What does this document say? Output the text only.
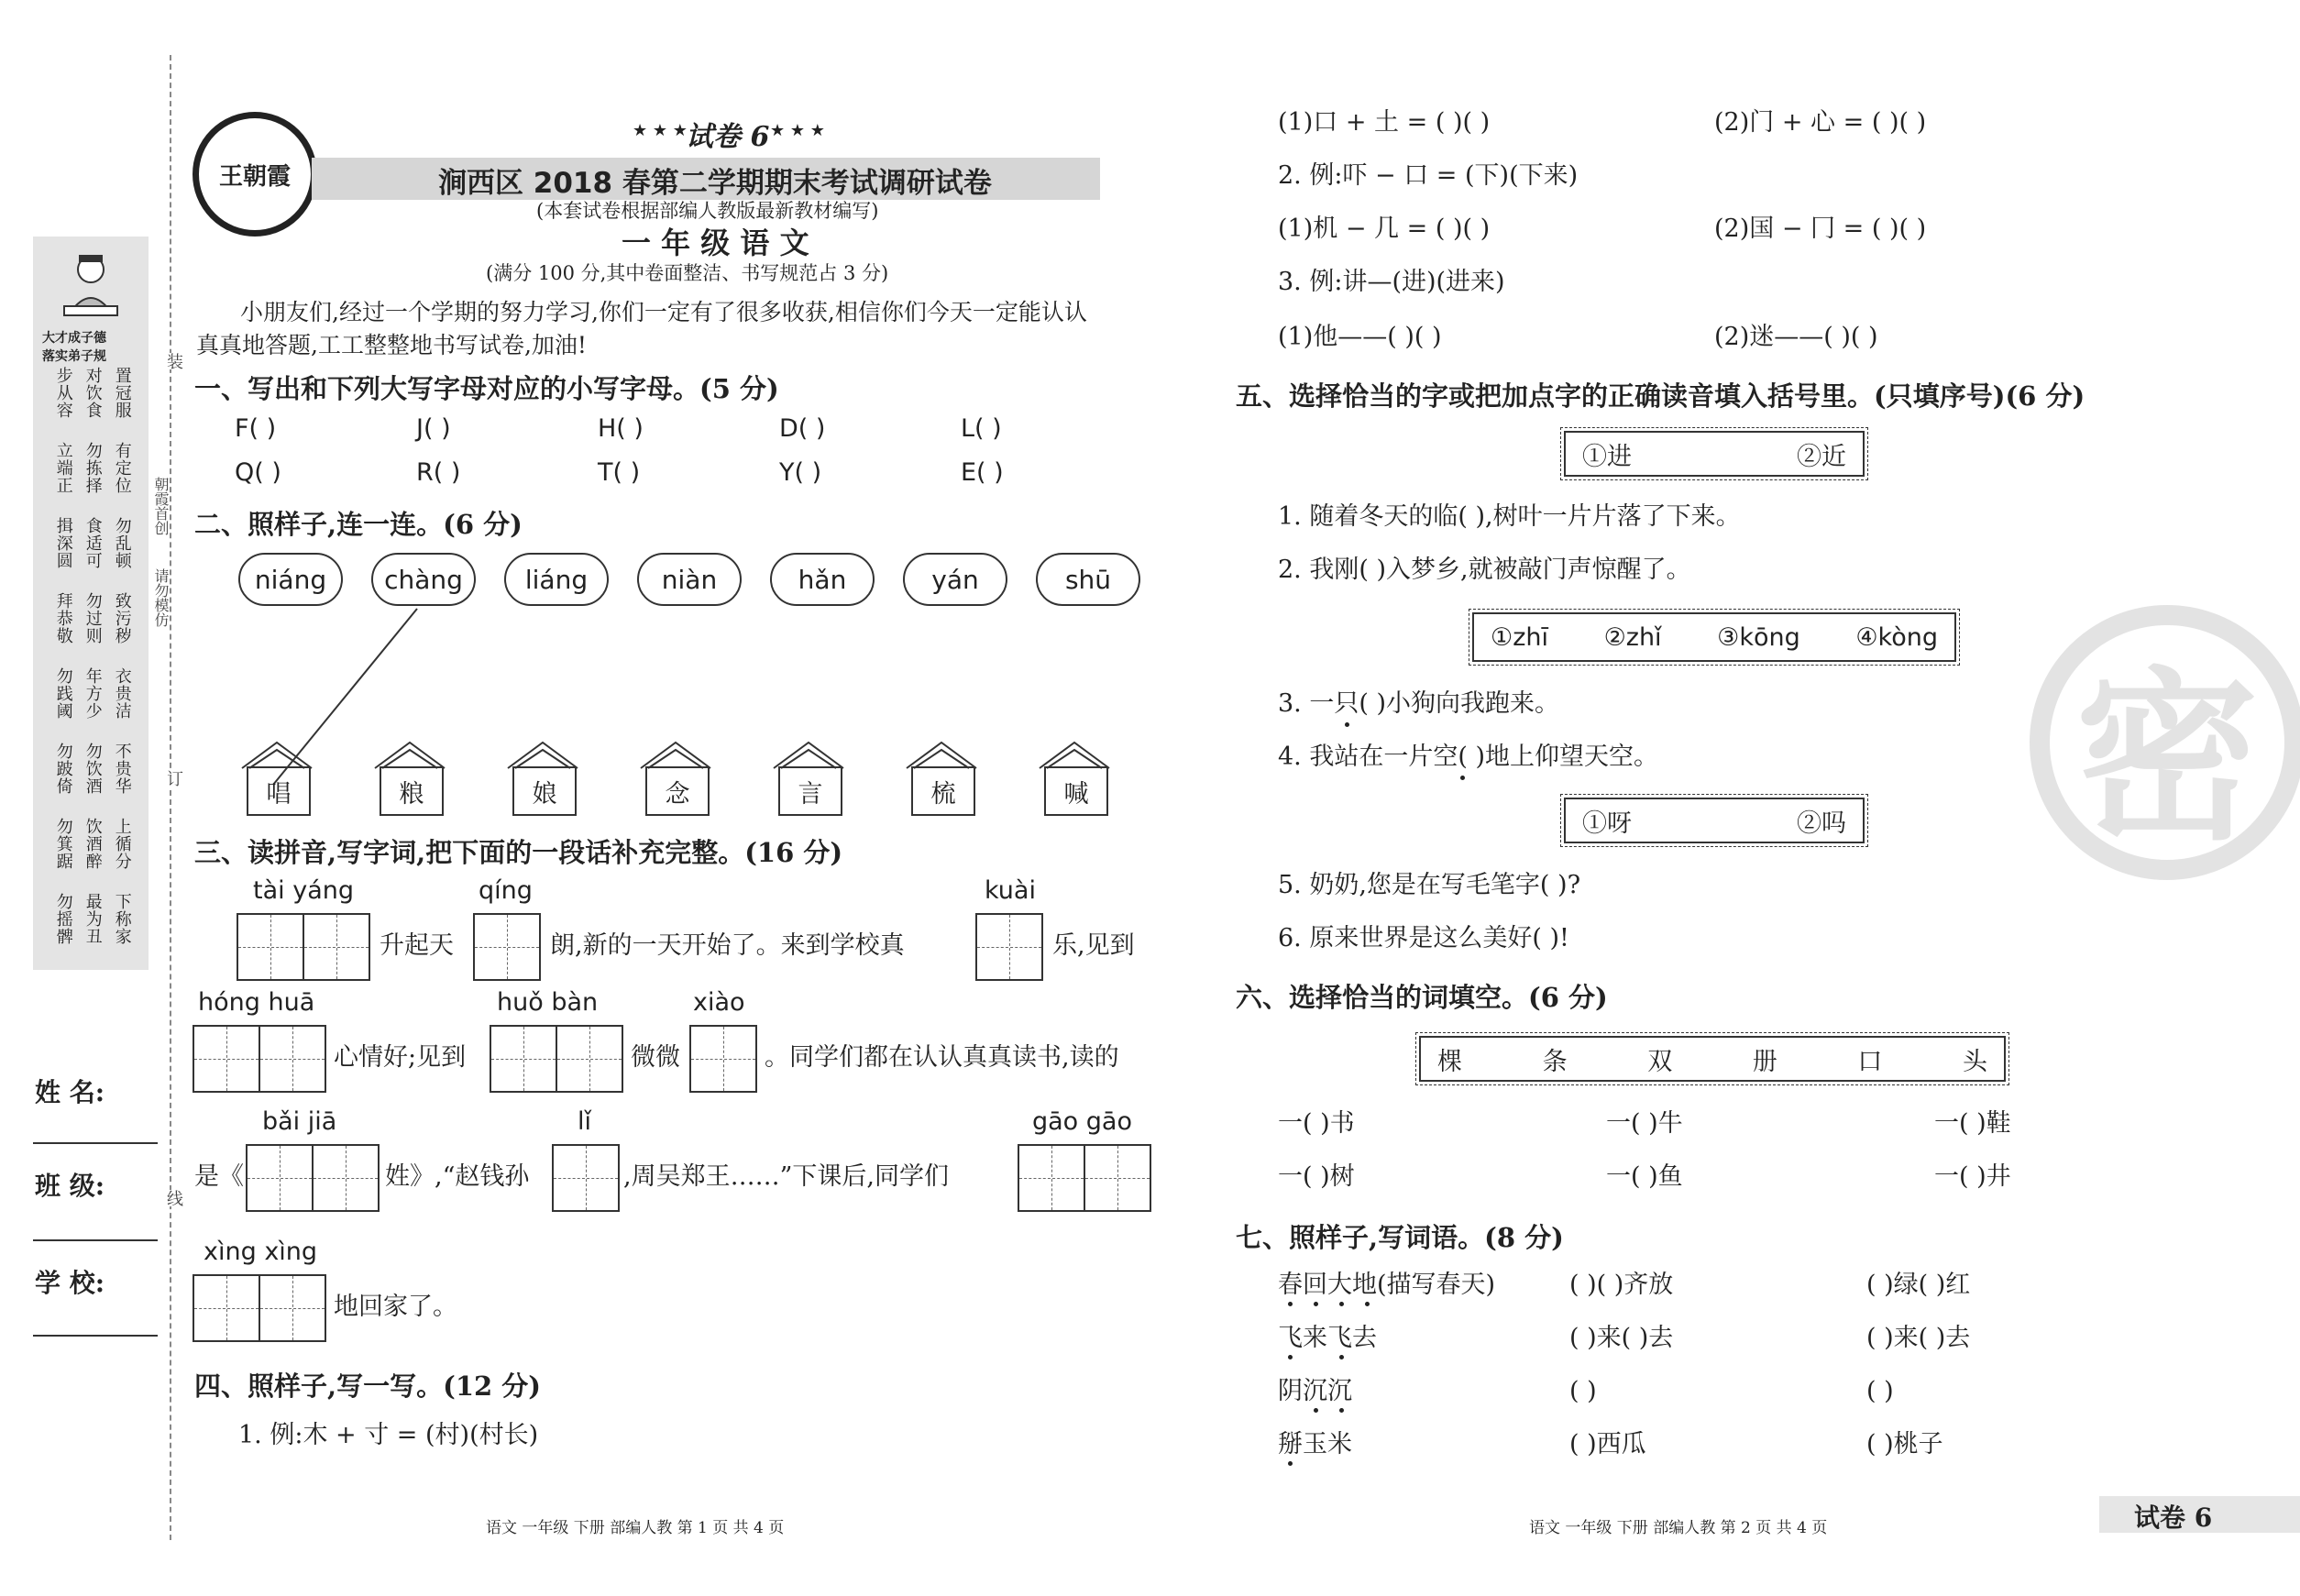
大才成子德
落实弟子规
步从容 对饮食 置冠服
立端正 勿拣择 有定位
揖深圆 食适可 勿乱顿
拜恭敬 勿过则 致污秽
勿践阈 年方少 衣贵洁
勿跛倚 勿饮酒 不贵华
勿箕踞 饮酒醉 上循分
勿摇髀 最为丑 下称家
装
订
线
朝霞首创
请勿模仿
姓 名:
班 级:
学 校:
王朝霞
试卷 6
★ ★ ★	★ ★ ★
涧西区 2018 春第二学期期末考试调研试卷
(本套试卷根据部编人教版最新教材编写)
一 年 级 语 文
(满分 100 分,其中卷面整洁、书写规范占 3 分)
小朋友们,经过一个学期的努力学习,你们一定有了很多收获,相信你们今天一定能认认
真真地答题,工工整整地书写试卷,加油!
一、写出和下列大写字母对应的小写字母。(5 分)
F( )	J( )	H( )	D( )	L( )
Q( )	R( )	T( )	Y( )	E( )
二、照样子,连一连。(6 分)
niáng	chàng	liáng	niàn	hǎn	yán	shū
唱	粮	娘	念	言	梳	喊
三、读拼音,写字词,把下面的一段话补充完整。(16 分)
tài yáng
升起天
qíng
朗,新的一天开始了。来到学校真
kuài
乐,见到
hóng huā
心情好;见到
huǒ bàn
微微
xiào
。同学们都在认认真真读书,读的
bǎi jiā
是《	姓》,“赵钱孙
lǐ
,周吴郑王……”下课后,同学们
gāo gāo
xìng xìng
地回家了。
四、照样子,写一写。(12 分)
1. 例:木 + 寸 = (村)(村长)
(1)口 + 土 = ( )( )	(2)门 + 心 = ( )( )
2. 例:吓 − 口 = (下)(下来)
(1)机 − 几 = ( )( )	(2)国 − 冂 = ( )( )
3. 例:讲—(进)(进来)
(1)他——( )( )	(2)迷——( )( )
五、选择恰当的字或把加点字的正确读音填入括号里。(只填序号)(6 分)
①进	②近
1. 随着冬天的临( ),树叶一片片落了下来。
2. 我刚( )入梦乡,就被敲门声惊醒了。
①zhī ②zhǐ ③kōng ④kòng
3. 一只( )小狗向我跑来。
4. 我站在一片空( )地上仰望天空。
①呀	②吗
5. 奶奶,您是在写毛笔字( )?
6. 原来世界是这么美好( )!
六、选择恰当的词填空。(6 分)
棵	条	双	册	口	头
一( )书	一( )牛	一( )鞋
一( )树	一( )鱼	一( )井
七、照样子,写词语。(8 分)
春回大地(描写春天)	( )( )齐放	( )绿( )红
飞来飞去	( )来( )去	( )来( )去
阴沉沉	( )	( )
掰玉米	( )西瓜	( )桃子
密
语文 一年级 下册 部编人教 第 1 页 共 4 页	语文 一年级 下册 部编人教 第 2 页 共 4 页	试卷 6
